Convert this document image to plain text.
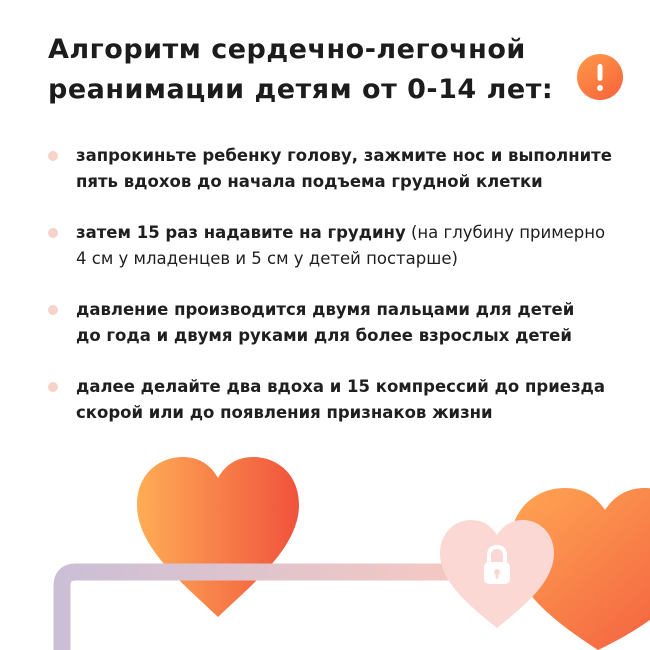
Алгоритм сердечно-легочной
реанимации детям от 0-14 лет:
запрокиньте ребенку голову, зажмите нос и выполните
пять вдохов до начала подъема грудной клетки
затем 15 раз надавите на грудину (на глубину примерно
4 см у младенцев и 5 см у детей постарше)
давление производится двумя пальцами для детей
до года и двумя руками для более взрослых детей
далее делайте два вдоха и 15 компрессий до приезда
скорой или до появления признаков жизни
